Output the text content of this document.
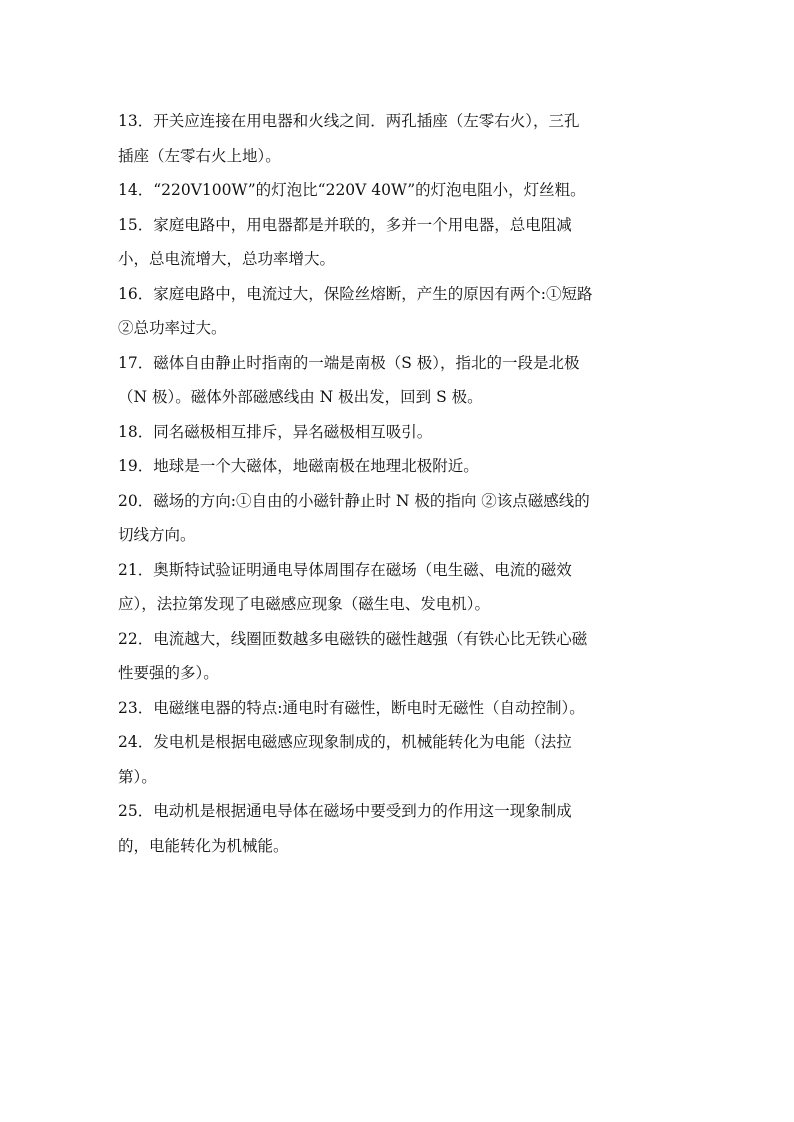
13．开关应连接在用电器和火线之间．两孔插座（左零右火），三孔
插座（左零右火上地）。
14．“220V100W”的灯泡比“220V 40W”的灯泡电阻小，灯丝粗。
15．家庭电路中，用电器都是并联的，多并一个用电器，总电阻减
小，总电流增大，总功率增大。
16．家庭电路中，电流过大，保险丝熔断，产生的原因有两个:①短路
②总功率过大。
17．磁体自由静止时指南的一端是南极（S 极），指北的一段是北极
（N 极）。磁体外部磁感线由 N 极出发，回到 S 极。
18．同名磁极相互排斥，异名磁极相互吸引。
19．地球是一个大磁体，地磁南极在地理北极附近。
20．磁场的方向:①自由的小磁针静止时 N 极的指向 ②该点磁感线的
切线方向。
21．奥斯特试验证明通电导体周围存在磁场（电生磁、电流的磁效
应），法拉第发现了电磁感应现象（磁生电、发电机）。
22．电流越大，线圈匝数越多电磁铁的磁性越强（有铁心比无铁心磁
性要强的多）。
23．电磁继电器的特点:通电时有磁性，断电时无磁性（自动控制）。
24．发电机是根据电磁感应现象制成的，机械能转化为电能（法拉
第）。
25．电动机是根据通电导体在磁场中要受到力的作用这一现象制成
的，电能转化为机械能。
